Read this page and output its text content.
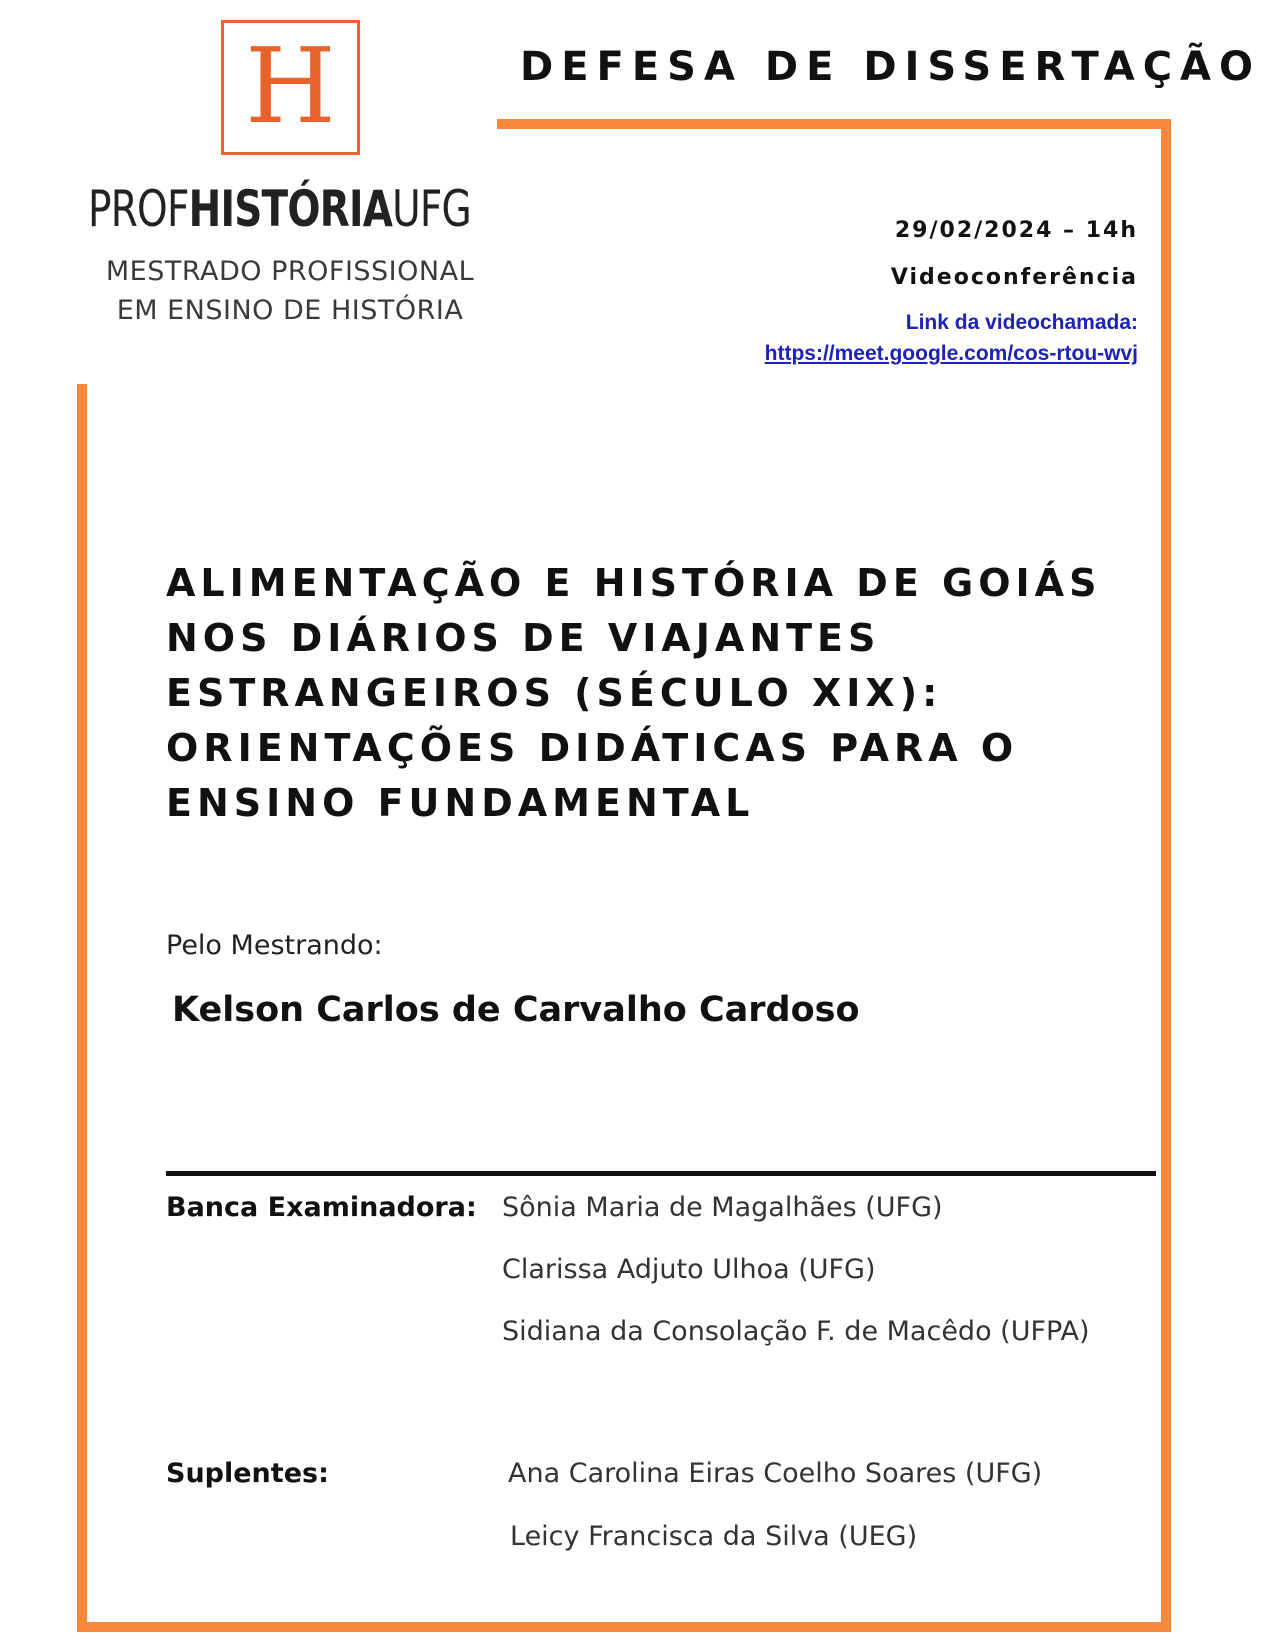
H
PROFHISTÓRIAUFG
MESTRADO PROFISSIONAL
EM ENSINO DE HISTÓRIA
DEFESA DE DISSERTAÇÃO
29/02/2024 – 14h
Videoconferência
Link da videochamada:
https://meet.google.com/cos-rtou-wvj
ALIMENTAÇÃO E HISTÓRIA DE GOIÁS
NOS DIÁRIOS DE VIAJANTES
ESTRANGEIROS (SÉCULO XIX):
ORIENTAÇÕES DIDÁTICAS PARA O
ENSINO FUNDAMENTAL
Pelo Mestrando:
Kelson Carlos de Carvalho Cardoso
Banca Examinadora: Sônia Maria de Magalhães (UFG)
Clarissa Adjuto Ulhoa (UFG)
Sidiana da Consolação F. de Macêdo (UFPA)
Suplentes:	Ana Carolina Eiras Coelho Soares (UFG)
Leicy Francisca da Silva (UEG)
